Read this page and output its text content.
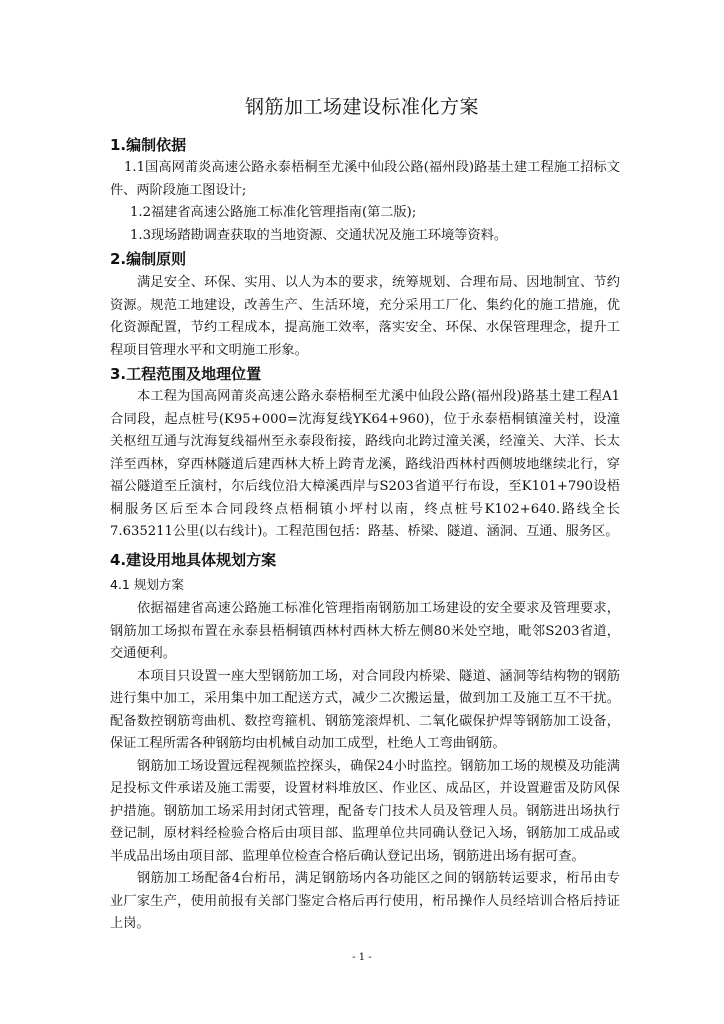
钢筋加工场建设标准化方案
1.编制依据

1.1国高网莆炎高速公路永泰梧桐至尤溪中仙段公路(福州段)路基土建工程施工招标文件、两阶段施工图设计;

1.2福建省高速公路施工标准化管理指南(第二版);

1.3现场踏勘调查获取的当地资源、交通状况及施工环境等资料。

2.编制原则

满足安全、环保、实用、以人为本的要求，统筹规划、合理布局、因地制宜、节约资源。规范工地建设，改善生产、生活环境，充分采用工厂化、集约化的施工措施，优化资源配置，节约工程成本，提高施工效率，落实安全、环保、水保管理理念，提升工程项目管理水平和文明施工形象。

3.工程范围及地理位置

本工程为国高网莆炎高速公路永泰梧桐至尤溪中仙段公路(福州段)路基土建工程A1合同段，起点桩号(K95+000=沈海复线YK64+960)，位于永泰梧桐镇潼关村，设潼关枢纽互通与沈海复线福州至永泰段衔接，路线向北跨过潼关溪，经潼关、大洋、长太洋至西林，穿西林隧道后建西林大桥上跨青龙溪，路线沿西林村西侧坡地继续北行，穿福公隧道至丘演村，尔后线位沿大樟溪西岸与S203省道平行布设，至K101+790设梧桐服务区后至本合同段终点梧桐镇小坪村以南，终点桩号K102+640.路线全长7.635211公里(以右线计)。工程范围包括：路基、桥梁、隧道、涵洞、互通、服务区。

4.建设用地具体规划方案
4.1 规划方案

依据福建省高速公路施工标准化管理指南钢筋加工场建设的安全要求及管理要求，钢筋加工场拟布置在永泰县梧桐镇西林村西林大桥左侧80米处空地，毗邻S203省道，交通便利。

本项目只设置一座大型钢筋加工场，对合同段内桥梁、隧道、涵洞等结构物的钢筋进行集中加工，采用集中加工配送方式，减少二次搬运量，做到加工及施工互不干扰。配备数控钢筋弯曲机、数控弯箍机、钢筋笼滚焊机、二氧化碳保护焊等钢筋加工设备，保证工程所需各种钢筋均由机械自动加工成型，杜绝人工弯曲钢筋。

钢筋加工场设置远程视频监控探头，确保24小时监控。钢筋加工场的规模及功能满足投标文件承诺及施工需要，设置材料堆放区、作业区、成品区，并设置避雷及防风保护措施。钢筋加工场采用封闭式管理，配备专门技术人员及管理人员。钢筋进出场执行登记制，原材料经检验合格后由项目部、监理单位共同确认登记入场，钢筋加工成品或半成品出场由项目部、监理单位检查合格后确认登记出场，钢筋进出场有据可查。

钢筋加工场配备4台桁吊，满足钢筋场内各功能区之间的钢筋转运要求，桁吊由专业厂家生产，使用前报有关部门鉴定合格后再行使用，桁吊操作人员经培训合格后持证上岗。

- 1 -
